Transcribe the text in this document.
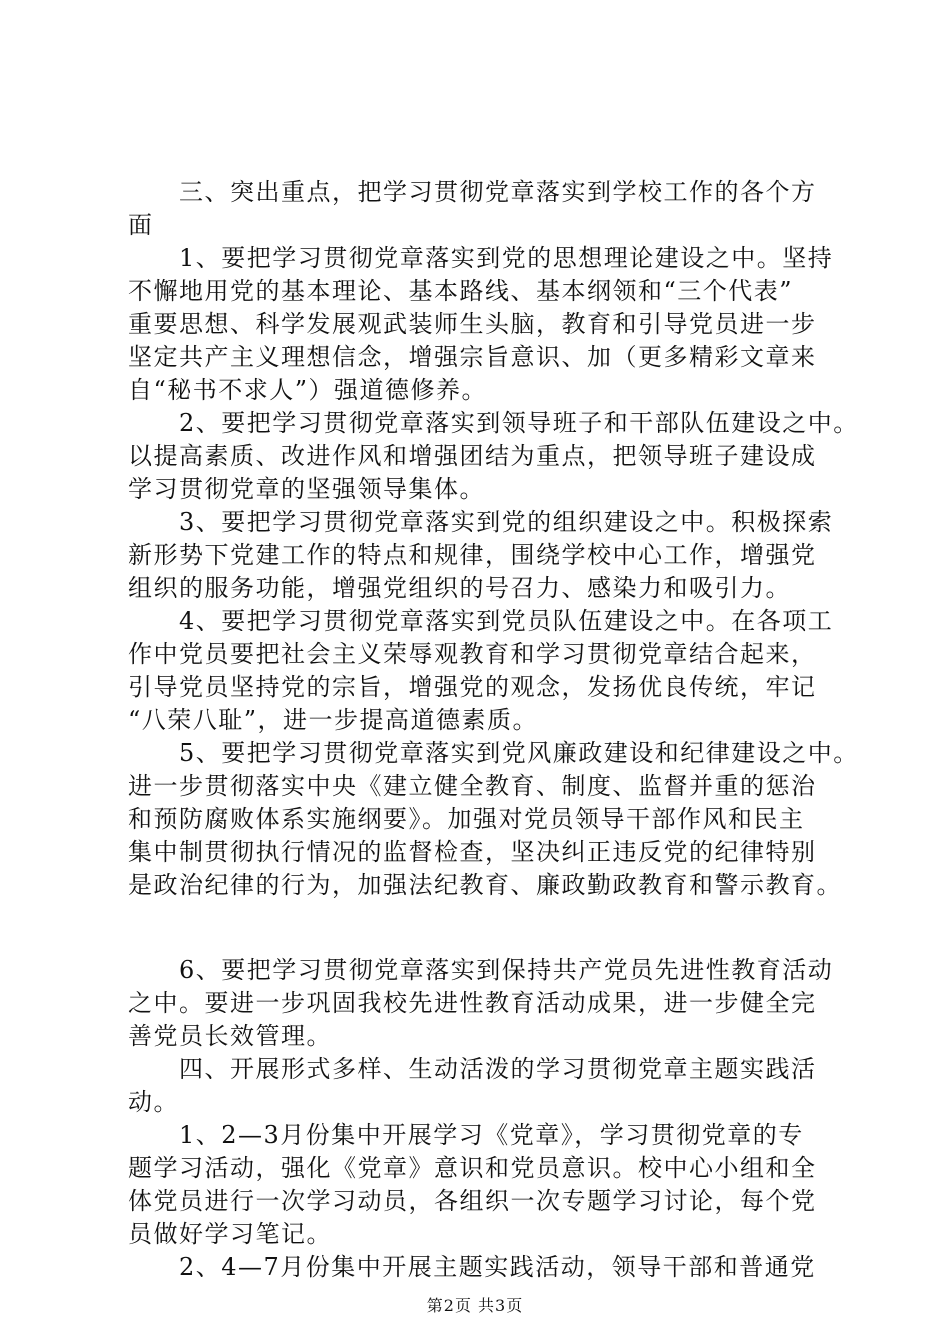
　　三、突出重点，把学习贯彻党章落实到学校工作的各个方
面
　　1、要把学习贯彻党章落实到党的思想理论建设之中。坚持
不懈地用党的基本理论、基本路线、基本纲领和“三个代表”
重要思想、科学发展观武装师生头脑，教育和引导党员进一步
坚定共产主义理想信念，增强宗旨意识、加（更多精彩文章来
自“秘书不求人”）强道德修养。
　　2、要把学习贯彻党章落实到领导班子和干部队伍建设之中。
以提高素质、改进作风和增强团结为重点，把领导班子建设成
学习贯彻党章的坚强领导集体。
　　3、要把学习贯彻党章落实到党的组织建设之中。积极探索
新形势下党建工作的特点和规律，围绕学校中心工作，增强党
组织的服务功能，增强党组织的号召力、感染力和吸引力。
　　4、要把学习贯彻党章落实到党员队伍建设之中。在各项工
作中党员要把社会主义荣辱观教育和学习贯彻党章结合起来，
引导党员坚持党的宗旨，增强党的观念，发扬优良传统，牢记
“八荣八耻”，进一步提高道德素质。
　　5、要把学习贯彻党章落实到党风廉政建设和纪律建设之中。
进一步贯彻落实中央《建立健全教育、制度、监督并重的惩治
和预防腐败体系实施纲要》。加强对党员领导干部作风和民主
集中制贯彻执行情况的监督检查，坚决纠正违反党的纪律特别
是政治纪律的行为，加强法纪教育、廉政勤政教育和警示教育。
　　6、要把学习贯彻党章落实到保持共产党员先进性教育活动
之中。要进一步巩固我校先进性教育活动成果，进一步健全完
善党员长效管理。
　　四、开展形式多样、生动活泼的学习贯彻党章主题实践活
动。
　　1、2—3月份集中开展学习《党章》，学习贯彻党章的专
题学习活动，强化《党章》意识和党员意识。校中心小组和全
体党员进行一次学习动员，各组织一次专题学习讨论，每个党
员做好学习笔记。
　　2、4—7月份集中开展主题实践活动，领导干部和普通党
第2页 共3页
